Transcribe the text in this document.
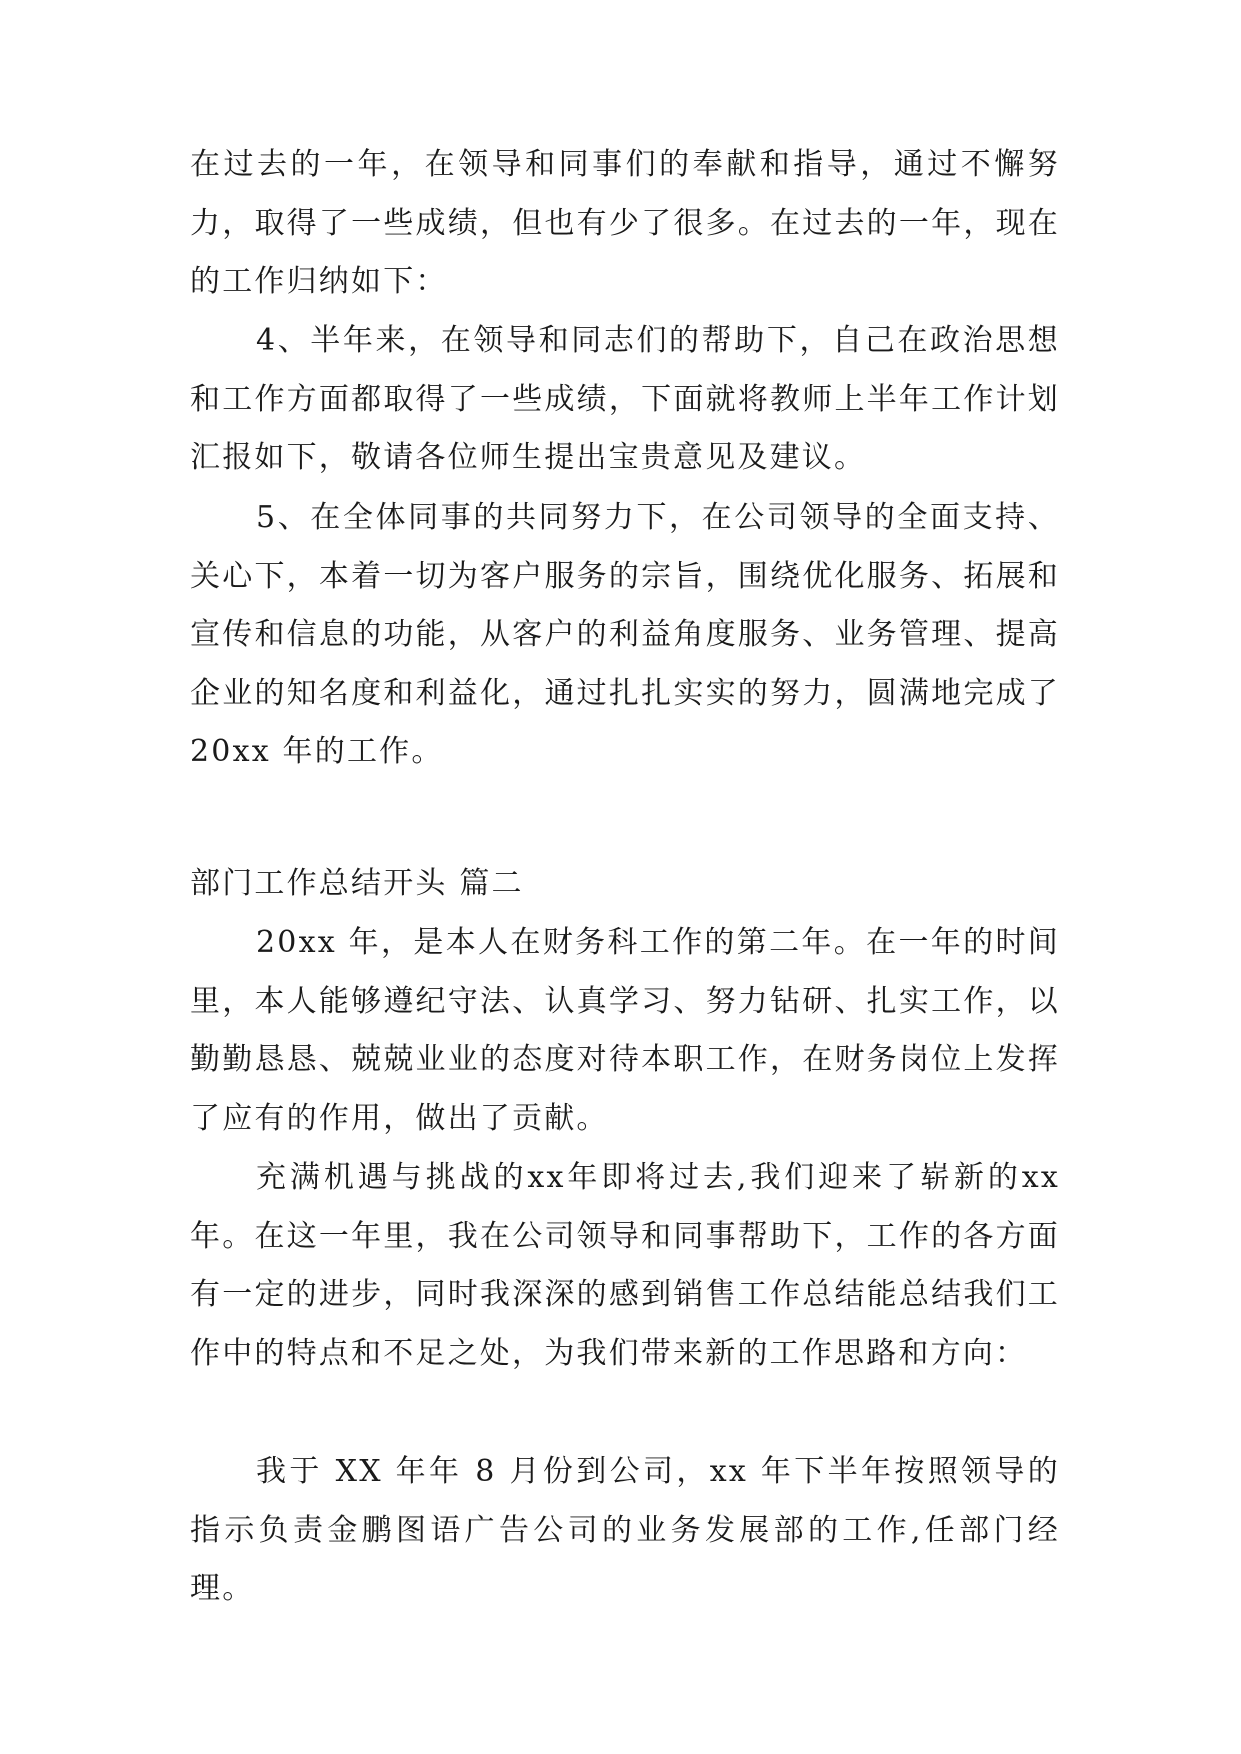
在过去的一年，在领导和同事们的奉献和指导，通过不懈努力，取得了一些成绩，但也有少了很多。在过去的一年，现在的工作归纳如下：

4、半年来，在领导和同志们的帮助下，自己在政治思想和工作方面都取得了一些成绩，下面就将教师上半年工作计划汇报如下，敬请各位师生提出宝贵意见及建议。

5、在全体同事的共同努力下，在公司领导的全面支持、关心下，本着一切为客户服务的宗旨，围绕优化服务、拓展和宣传和信息的功能，从客户的利益角度服务、业务管理、提高企业的知名度和利益化，通过扎扎实实的努力，圆满地完成了 20xx 年的工作。

部门工作总结开头 篇二

20xx 年，是本人在财务科工作的第二年。在一年的时间里，本人能够遵纪守法、认真学习、努力钻研、扎实工作，以勤勤恳恳、兢兢业业的态度对待本职工作，在财务岗位上发挥了应有的作用，做出了贡献。

充满机遇与挑战的xx年即将过去,我们迎来了崭新的xx年。在这一年里，我在公司领导和同事帮助下，工作的各方面有一定的进步，同时我深深的感到销售工作总结能总结我们工作中的特点和不足之处，为我们带来新的工作思路和方向：

我于 XX 年年 8 月份到公司，xx 年下半年按照领导的指示负责金鹏图语广告公司的业务发展部的工作,任部门经理。
